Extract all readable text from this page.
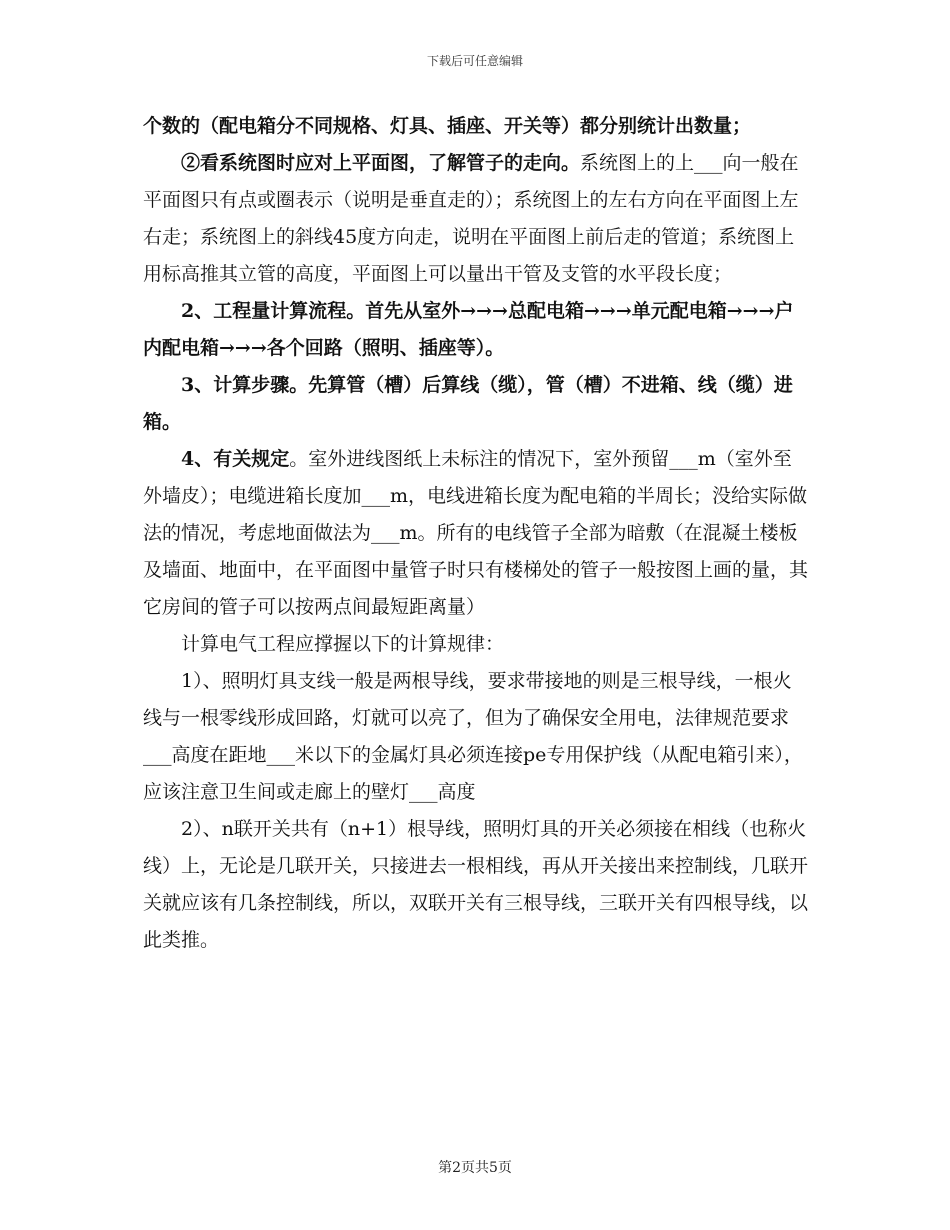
下载后可任意编辑

个数的（配电箱分不同规格、灯具、插座、开关等）都分别统计出数量；

②看系统图时应对上平面图，了解管子的走向。系统图上的上___向一般在平面图只有点或圈表示（说明是垂直走的）；系统图上的左右方向在平面图上左右走；系统图上的斜线45度方向走，说明在平面图上前后走的管道；系统图上用标高推其立管的高度，平面图上可以量出干管及支管的水平段长度；

2、工程量计算流程。首先从室外→→→总配电箱→→→单元配电箱→→→户内配电箱→→→各个回路（照明、插座等）。

3、计算步骤。先算管（槽）后算线（缆），管（槽）不进箱、线（缆）进箱。

4、有关规定。室外进线图纸上未标注的情况下，室外预留___m（室外至外墙皮）；电缆进箱长度加___m，电线进箱长度为配电箱的半周长；没给实际做法的情况，考虑地面做法为___m。所有的电线管子全部为暗敷（在混凝土楼板及墙面、地面中，在平面图中量管子时只有楼梯处的管子一般按图上画的量，其它房间的管子可以按两点间最短距离量）

计算电气工程应撑握以下的计算规律：

1）、照明灯具支线一般是两根导线，要求带接地的则是三根导线，一根火线与一根零线形成回路，灯就可以亮了，但为了确保安全用电，法律规范要求___高度在距地___米以下的金属灯具必须连接pe专用保护线（从配电箱引来），应该注意卫生间或走廊上的壁灯___高度

2）、n联开关共有（n+1）根导线，照明灯具的开关必须接在相线（也称火线）上，无论是几联开关，只接进去一根相线，再从开关接出来控制线，几联开关就应该有几条控制线，所以，双联开关有三根导线，三联开关有四根导线，以此类推。

第2页共5页
